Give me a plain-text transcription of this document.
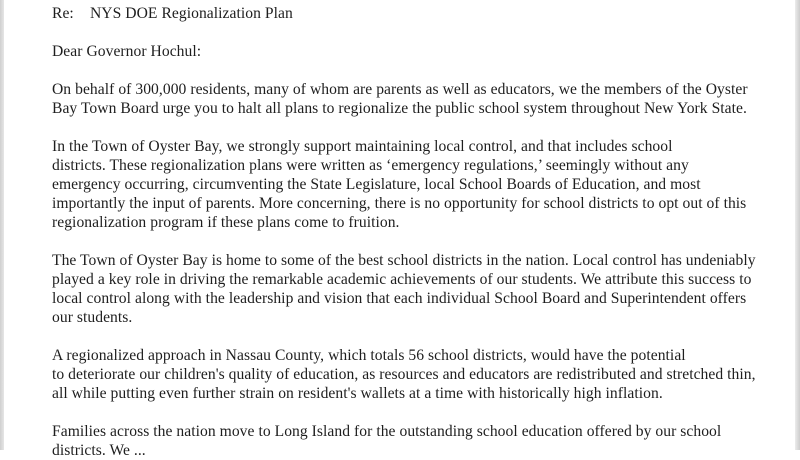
Re: NYS DOE Regionalization Plan
Dear Governor Hochul:
On behalf of 300,000 residents, many of whom are parents as well as educators, we the members of the Oyster
Bay Town Board urge you to halt all plans to regionalize the public school system throughout New York State.
In the Town of Oyster Bay, we strongly support maintaining local control, and that includes school
districts. These regionalization plans were written as ‘emergency regulations,’ seemingly without any
emergency occurring, circumventing the State Legislature, local School Boards of Education, and most
importantly the input of parents. More concerning, there is no opportunity for school districts to opt out of this
regionalization program if these plans come to fruition.
The Town of Oyster Bay is home to some of the best school districts in the nation. Local control has undeniably
played a key role in driving the remarkable academic achievements of our students. We attribute this success to
local control along with the leadership and vision that each individual School Board and Superintendent offers
our students.
A regionalized approach in Nassau County, which totals 56 school districts, would have the potential
to deteriorate our children's quality of education, as resources and educators are redistributed and stretched thin,
all while putting even further strain on resident's wallets at a time with historically high inflation.
Families across the nation move to Long Island for the outstanding school education offered by our school
districts. We ...
